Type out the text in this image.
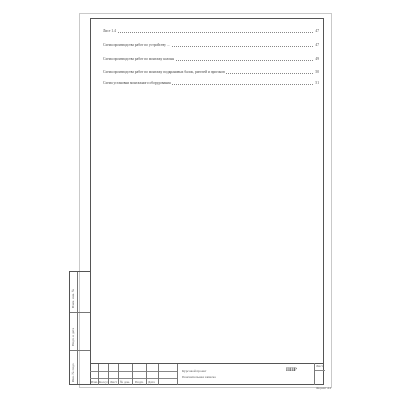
Лист 1.4	47
Схема производства работ по устройству ...	47
Схема производства работ по монтажу колонн	49
Схема производства работ по монтажу подкрановых балок, ригелей и прогонов	50
Схема установки монтажного оборудования	51
Инв. № подл.
Подп. и дата
Взам. инв. №
Изм. Кол.уч Лист № док. Подп. Дата
Курсовой проект
Пояснительная записка
ППР
Лист
Формат А4
